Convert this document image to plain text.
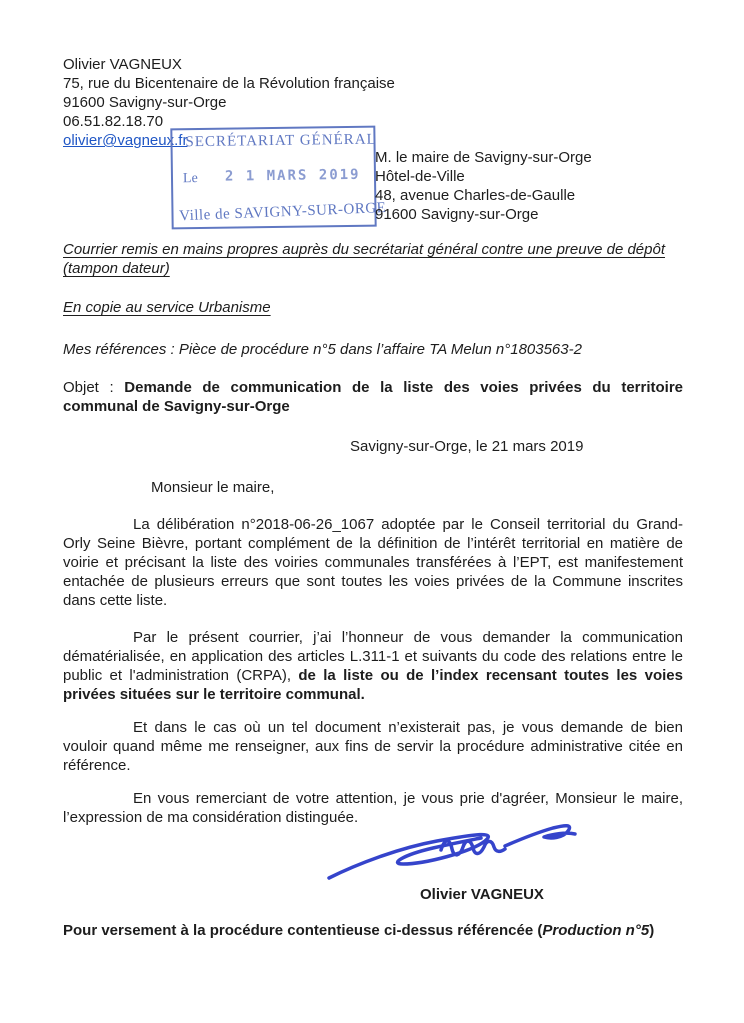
Olivier VAGNEUX
75, rue du Bicentenaire de la Révolution française
91600 Savigny-sur-Orge
06.51.82.18.70
olivier@vagneux.fr
Courrier remis en mains propres auprès du secrétariat général contre une preuve de dépôt (tampon dateur)
En copie au service Urbanisme
Mes références : Pièce de procédure n°5 dans l’affaire TA Melun n°1803563-2
Objet : Demande de communication de la liste des voies privées du territoire
communal de Savigny-sur-Orge
Savigny-sur-Orge, le 21 mars 2019
Monsieur le maire,

La délibération n°2018-06-26_1067 adoptée par le Conseil territorial du Grand-Orly Seine Bièvre, portant complément de la définition de l’intérêt territorial en matière de voirie et précisant la liste des voiries communales transférées à l’EPT, est manifestement entachée de plusieurs erreurs que sont toutes les voies privées de la Commune inscrites dans cette liste.

Par le présent courrier, j’ai l’honneur de vous demander la communication dématérialisée, en application des articles L.311-1 et suivants du code des relations entre le public et l'administration (CRPA), de la liste ou de l’index recensant toutes les voies privées situées sur le territoire communal.

Et dans le cas où un tel document n’existerait pas, je vous demande de bien vouloir quand même me renseigner, aux fins de servir la procédure administrative citée en référence.

En vous remerciant de votre attention, je vous prie d'agréer, Monsieur le maire, l’expression de ma considération distinguée.

SECRÉTARIAT GÉNÉRAL
Le 2 1 MARS 2019
Ville de SAVIGNY-SUR-ORGE
M. le maire de Savigny-sur-Orge
Hôtel-de-Ville
48, avenue Charles-de-Gaulle
91600 Savigny-sur-Orge
Olivier VAGNEUX
Pour versement à la procédure contentieuse ci-dessus référencée (Production n°5)
